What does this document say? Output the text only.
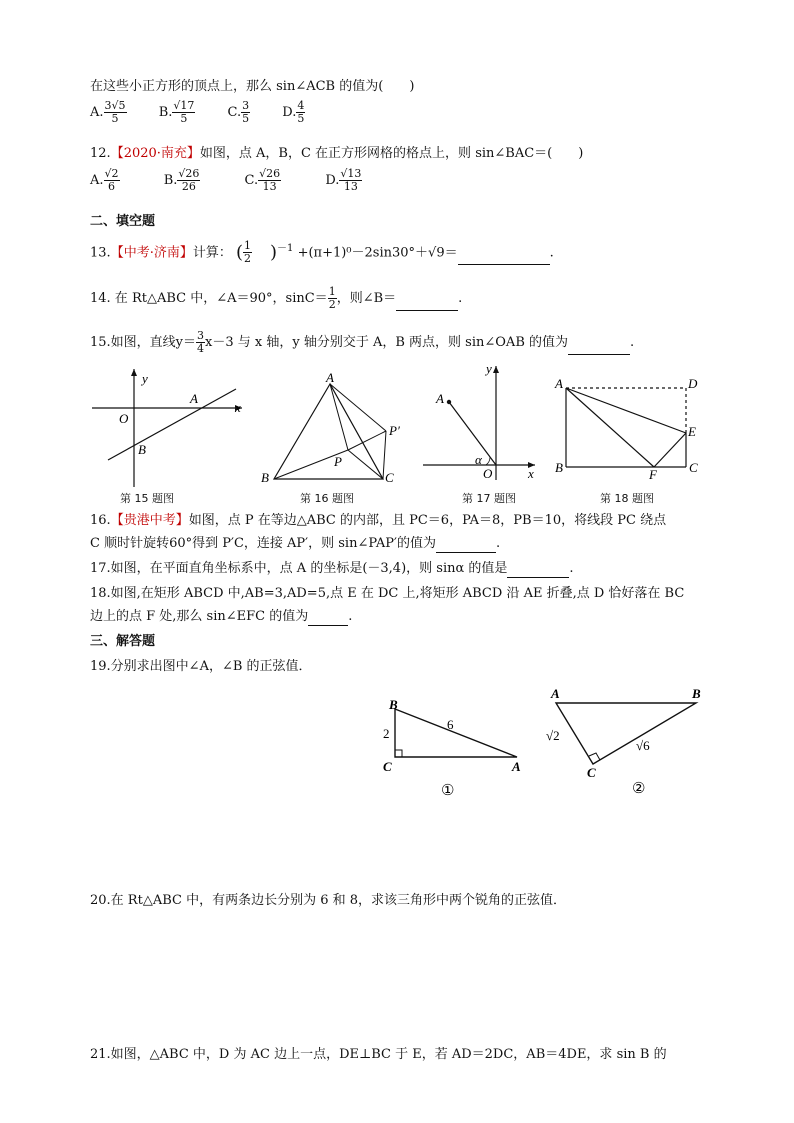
在这些小正方形的顶点上，那么 sin∠ACB 的值为(　　)
A. $\frac{3√5}{5} B$. $\frac{√17}{5} C$. $\frac{3}{5} D$. $\frac{4}{5}$
12.【2020·南充】如图，点 A，B，C 在正方形网格的格点上，则 sin∠BAC＝(　　)
A. $\frac{√2}{6}$	B. $\frac{√26}{26}$	C. $\frac{√26}{13}$	D. $\frac{√13}{13}$
二、填空题
13.【中考·济南】计算： ( $\frac{1}{2} )^{-1} +(\pi+1)^0-2\sin 30^\circ+√9=$	.
14. 在 Rt△ABC 中，∠A＝90°，$\sin C= \frac{1}{2}$ ，则∠B＝	.
15.如图，直线$y= \frac{3}{4} x-3$ 与 x 轴，y 轴分别交于 A，B 两点，则 sin∠OAB 的值为	.
y
x
O
A
B
A
B	C
P
P′
y
x
A
O
α
A	D
E
B	C
F
第 15 题图	第 16 题图	第 17 题图	第 18 题图
16.【贵港中考】如图，点 P 在等边△ABC 的内部，且 PC＝6，PA＝8，PB＝10，将线段 PC 绕点
C 顺时针旋转60°得到 P′C，连接 AP′，则 sin∠PAP′的值为	.
17.如图，在平面直角坐标系中，点 A 的坐标是(－3,4)，则 sinα 的值是	.
18.如图,在矩形 ABCD 中,AB=3,AD=5,点 E 在 DC 上,将矩形 ABCD 沿 AE 折叠,点 D 恰好落在 BC
边上的点 F 处,那么 sin∠EFC 的值为	.
三、解答题
19.分别求出图中∠A，∠B 的正弦值．
B
C	A
2
6
①
A	B
C
√2
√6
②
20.在 Rt△ABC 中，有两条边长分别为 6 和 8，求该三角形中两个锐角的正弦值．
21.如图，△ABC 中，D 为 AC 边上一点，DE⊥BC 于 E，若 AD＝2DC，AB＝4DE，求 sin B 的
